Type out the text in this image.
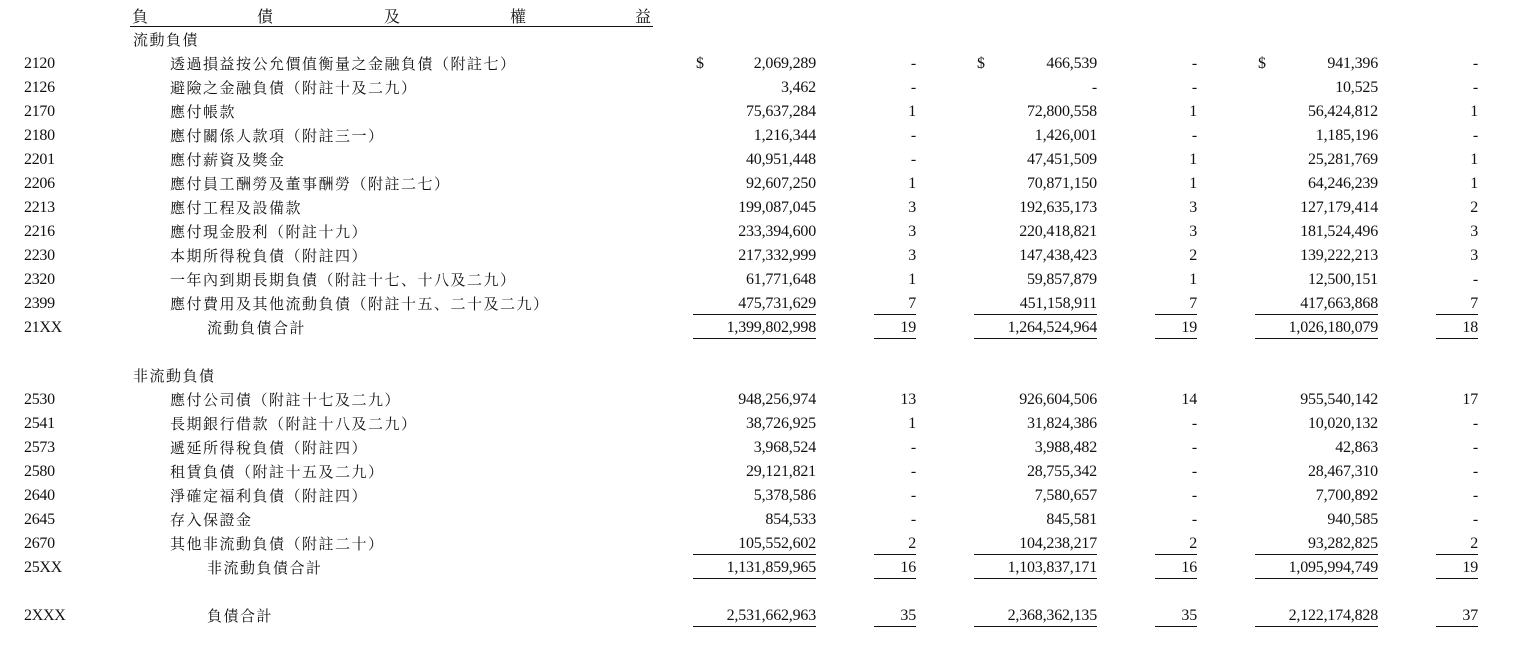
負	債	及	權	益
流動負債
2120	透過損益按公允價值衡量之金融負債（附註七）	2,069,289	-	466,539	-	941,396	-
$	$	$
2126	避險之金融負債（附註十及二九）	3,462	-	-	-	10,525	-
2170	應付帳款	75,637,284	1	72,800,558	1	56,424,812	1
2180	應付關係人款項（附註三一）	1,216,344	-	1,426,001	-	1,185,196	-
2201	應付薪資及獎金	40,951,448	-	47,451,509	1	25,281,769	1
2206	應付員工酬勞及董事酬勞（附註二七）	92,607,250	1	70,871,150	1	64,246,239	1
2213	應付工程及設備款	199,087,045	3	192,635,173	3	127,179,414	2
2216	應付現金股利（附註十九）	233,394,600	3	220,418,821	3	181,524,496	3
2230	本期所得稅負債（附註四）	217,332,999	3	147,438,423	2	139,222,213	3
2320	一年內到期長期負債（附註十七、十八及二九）	61,771,648	1	59,857,879	1	12,500,151	-
2399	應付費用及其他流動負債（附註十五、二十及二九）	475,731,629	7	451,158,911	7	417,663,868	7
21XX	流動負債合計	1,399,802,998	19	1,264,524,964	19	1,026,180,079	18
非流動負債
2530	應付公司債（附註十七及二九）	948,256,974	13	926,604,506	14	955,540,142	17
2541	長期銀行借款（附註十八及二九）	38,726,925	1	31,824,386	-	10,020,132	-
2573	遞延所得稅負債（附註四）	3,968,524	-	3,988,482	-	42,863	-
2580	租賃負債（附註十五及二九）	29,121,821	-	28,755,342	-	28,467,310	-
2640	淨確定福利負債（附註四）	5,378,586	-	7,580,657	-	7,700,892	-
2645	存入保證金	854,533	-	845,581	-	940,585	-
2670	其他非流動負債（附註二十）	105,552,602	2	104,238,217	2	93,282,825	2
25XX	非流動負債合計	1,131,859,965	16	1,103,837,171	16	1,095,994,749	19
2XXX	負債合計	2,531,662,963	35	2,368,362,135	35	2,122,174,828	37
